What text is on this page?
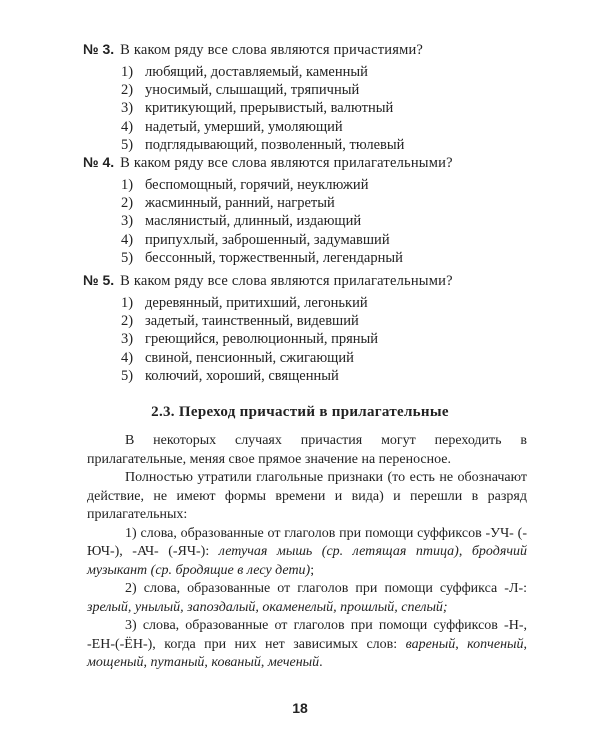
№ 3. В каком ряду все слова являются причастиями?
1) любящий, доставляемый, каменный
2) уносимый, слышащий, тряпичный
3) критикующий, прерывистый, валютный
4) надетый, умерший, умоляющий
5) подглядывающий, позволенный, тюлевый
№ 4. В каком ряду все слова являются прилагательными?
1) беспомощный, горячий, неуклюжий
2) жасминный, ранний, нагретый
3) маслянистый, длинный, издающий
4) припухлый, заброшенный, задумавший
5) бессонный, торжественный, легендарный
№ 5. В каком ряду все слова являются прилагательными?
1) деревянный, притихший, легонький
2) задетый, таинственный, видевший
3) греющийся, революционный, пряный
4) свиной, пенсионный, сжигающий
5) колючий, хороший, священный
2.3. Переход причастий в прилагательные

В некоторых случаях причастия могут переходить в прилагательные, меняя свое прямое значение на переносное.

Полностью утратили глагольные признаки (то есть не обозначают действие, не имеют формы времени и вида) и перешли в разряд прилагательных:

1) слова, образованные от глаголов при помощи суффиксов -УЧ- (-ЮЧ-), -АЧ- (-ЯЧ-): летучая мышь (ср. летящая птица), бродячий музыкант (ср. бродящие в лесу дети);

2) слова, образованные от глаголов при помощи суффикса -Л-: зрелый, унылый, запоздалый, окаменелый, прошлый, спелый;

3) слова, образованные от глаголов при помощи суффиксов -Н-, -ЕН-(-ЁН-), когда при них нет зависимых слов: вареный, копченый, мощеный, путаный, кованый, меченый.

18
